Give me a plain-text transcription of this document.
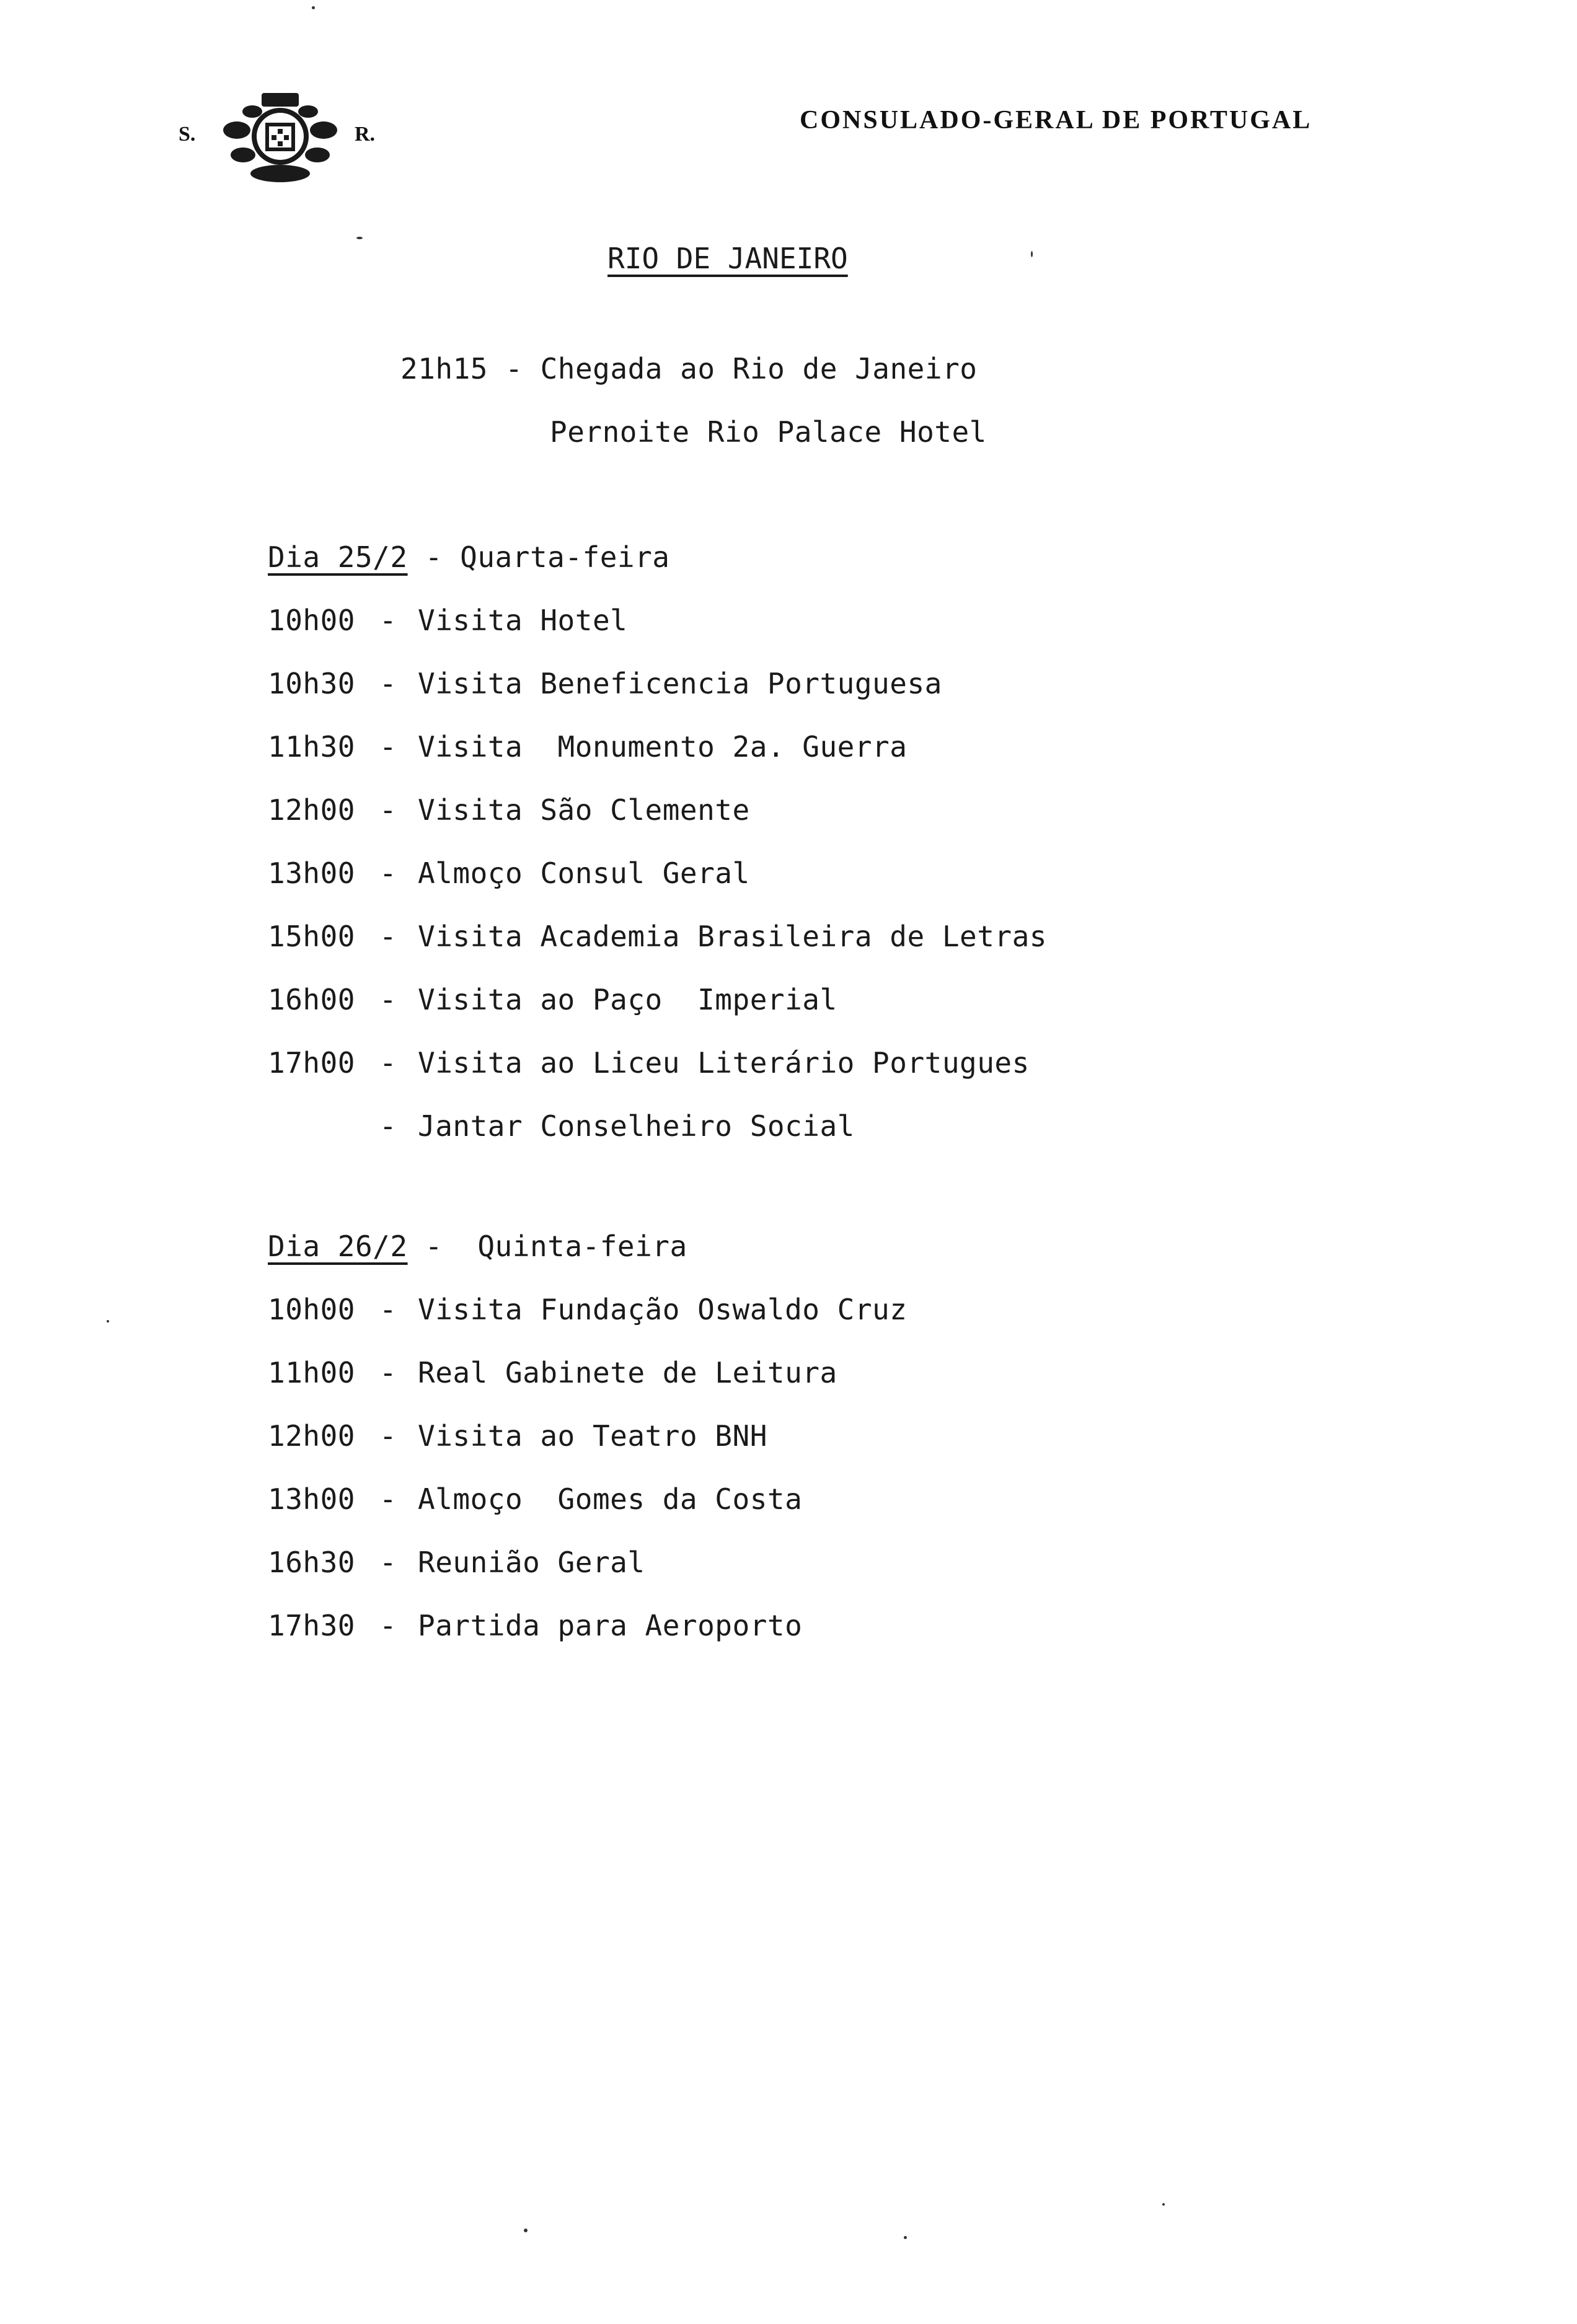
S.	R.	CONSULADO-GERAL DE PORTUGAL
RIO DE JANEIRO
21h15 - Chegada ao Rio de Janeiro
Pernoite Rio Palace Hotel
Dia 25/2 - Quarta-feira
10h00 - Visita Hotel
10h30 - Visita Beneficencia Portuguesa
11h30 - Visita  Monumento 2a. Guerra
12h00 - Visita São Clemente
13h00 - Almoço Consul Geral
15h00 - Visita Academia Brasileira de Letras
16h00 - Visita ao Paço  Imperial
17h00 - Visita ao Liceu Literário Portugues
- Jantar Conselheiro Social
Dia 26/2 - Quinta-feira
10h00 - Visita Fundação Oswaldo Cruz
11h00 - Real Gabinete de Leitura
12h00 - Visita ao Teatro BNH
13h00 - Almoço  Gomes da Costa
16h30 - Reunião Geral
17h30 - Partida para Aeroporto
